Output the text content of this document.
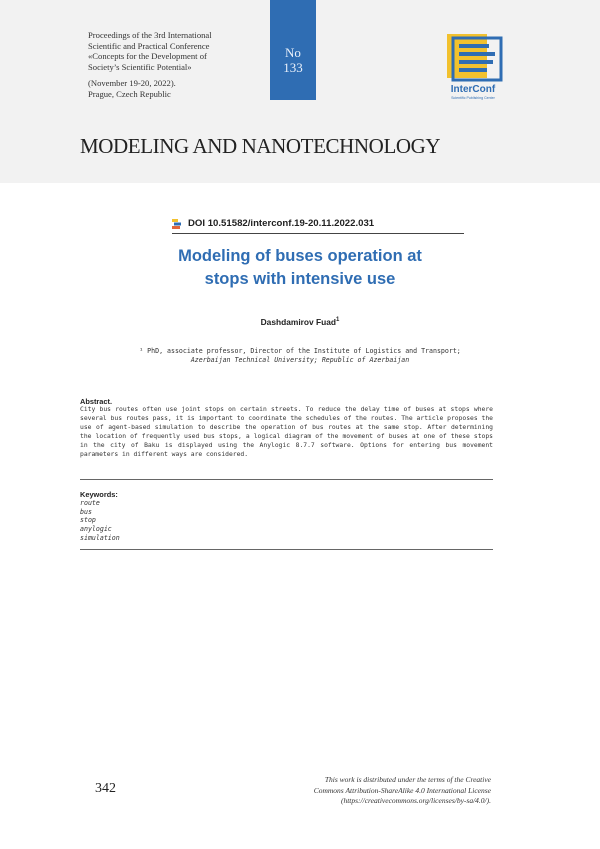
Proceedings of the 3rd International
Scientific and Practical Conference
«Concepts for the Development of
Society’s Scientific Potential»
(November 19-20, 2022).
Prague, Czech Republic
No
133
InterConf
Scientific Publishing Center
MODELING AND NANOTECHNOLOGY
DOI 10.51582/interconf.19-20.11.2022.031
Modeling of buses operation at
stops with intensive use
Dashdamirov Fuad$^1$
¹ PhD, associate professor, Director of the Institute of Logistics and Transport;
Azerbaijan Technical University; Republic of Azerbaijan
Abstract.
City bus routes often use joint stops on certain streets. To reduce the delay time of buses at stops where several bus routes pass, it is important to coordinate the schedules of the routes. The article proposes the use of agent-based simulation to describe the operation of bus routes at the same stop. After determining the location of frequently used bus stops, a logical diagram of the movement of buses at one of these stops in the city of Baku is displayed using the Anylogic 8.7.7 software. Options for entering bus movement parameters in different ways are considered.
Keywords:
route
bus
stop
anylogic
simulation
342
This work is distributed under the terms of the Creative
Commons Attribution-ShareAlike 4.0 International License
(https://creativecommons.org/licenses/by-sa/4.0/).
